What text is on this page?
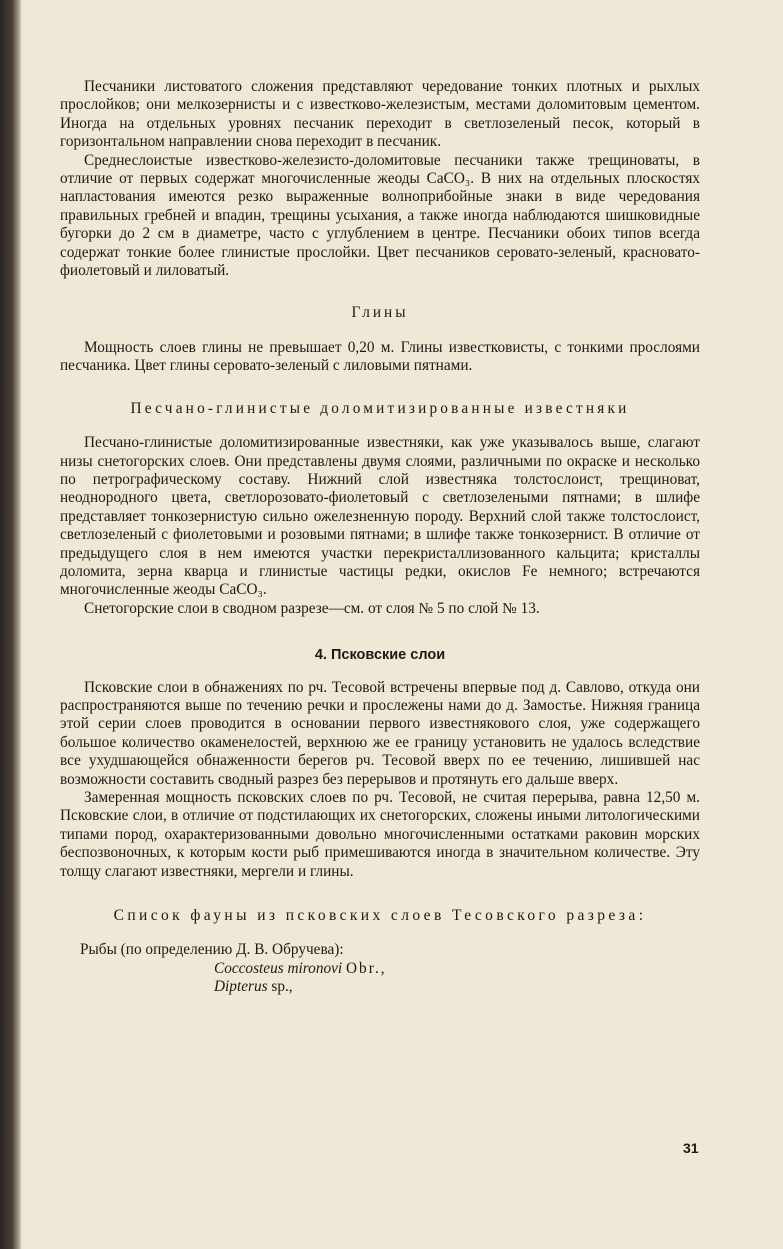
Песчаники листоватого сложения представляют чередование тонких плотных и рыхлых прослойков; они мелкозернисты и с известково-железистым, местами доломитовым цементом. Иногда на отдельных уровнях песчаник переходит в светлозеленый песок, который в горизонтальном направлении снова переходит в песчаник.

Среднеслоистые известково-железисто-доломитовые песчаники также трещиноваты, в отличие от первых содержат многочисленные жеоды CaCO₃. В них на отдельных плоскостях напластования имеются резко выраженные волноприбойные знаки в виде чередования правильных гребней и впадин, трещины усыхания, а также иногда наблюдаются шишковидные бугорки до 2 см в диаметре, часто с углублением в центре. Песчаники обоих типов всегда содержат тонкие более глинистые прослойки. Цвет песчаников серовато-зеленый, красновато-фиолетовый и лиловатый.

Глины

Мощность слоев глины не превышает 0,20 м. Глины известковисты, с тонкими прослоями песчаника. Цвет глины серовато-зеленый с лиловыми пятнами.

Песчано-глинистые доломитизированные известняки

Песчано-глинистые доломитизированные известняки, как уже указывалось выше, слагают низы снетогорских слоев. Они представлены двумя слоями, различными по окраске и несколько по петрографическому составу. Нижний слой известняка толстослоист, трещиноват, неоднородного цвета, светлорозовато-фиолетовый с светлозелеными пятнами; в шлифе представляет тонкозернистую сильно ожелезненную породу. Верхний слой также толстослоист, светлозеленый с фиолетовыми и розовыми пятнами; в шлифе также тонкозернист. В отличие от предыдущего слоя в нем имеются участки перекристаллизованного кальцита; кристаллы доломита, зерна кварца и глинистые частицы редки, окислов Fe немного; встречаются многочисленные жеоды CaCO₃.

Снетогорские слои в сводном разрезе—см. от слоя № 5 по слой № 13.

4. Псковские слои

Псковские слои в обнажениях по рч. Тесовой встречены впервые под д. Савлово, откуда они распространяются выше по течению речки и прослежены нами до д. Замостье. Нижняя граница этой серии слоев проводится в основании первого известнякового слоя, уже содержащего большое количество окаменелостей, верхнюю же ее границу установить не удалось вследствие все ухудшающейся обнаженности берегов рч. Тесовой вверх по ее течению, лишившей нас возможности составить сводный разрез без перерывов и протянуть его дальше вверх.

Замеренная мощность псковских слоев по рч. Тесовой, не считая перерыва, равна 12,50 м. Псковские слои, в отличие от подстилающих их снетогорских, сложены иными литологическими типами пород, охарактеризованными довольно многочисленными остатками раковин морских беспозвоночных, к которым кости рыб примешиваются иногда в значительном количестве. Эту толщу слагают известняки, мергели и глины.

Список фауны из псковских слоев Тесовского разреза:
Рыбы (по определению Д. В. Обручева):
Coccosteus mironovi Obr.,
Dipterus sp.,
31
